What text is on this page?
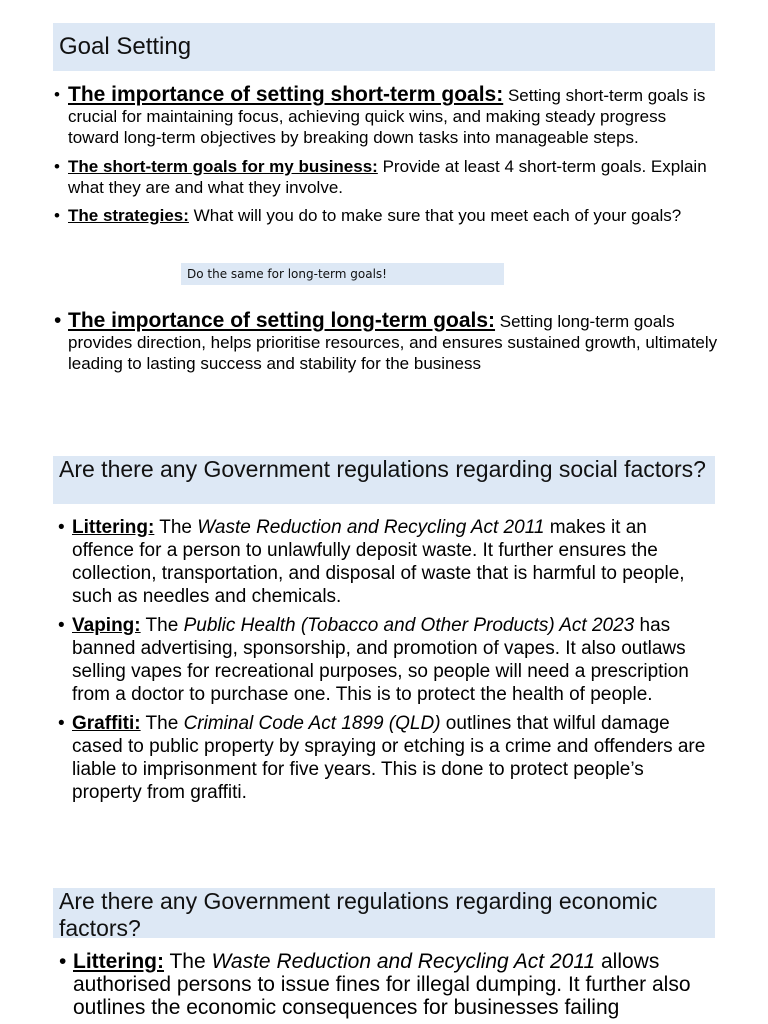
Goal Setting
• The importance of setting short-term goals: Setting short-term goals is crucial for maintaining focus, achieving quick wins, and making steady progress toward long-term objectives by breaking down tasks into manageable steps.
• The short-term goals for my business: Provide at least 4 short-term goals. Explain what they are and what they involve.
• The strategies: What will you do to make sure that you meet each of your goals?
Do the same for long-term goals!
• The importance of setting long-term goals: Setting long-term goals provides direction, helps prioritise resources, and ensures sustained growth, ultimately leading to lasting success and stability for the business
Are there any Government regulations regarding social factors?
• Littering: The Waste Reduction and Recycling Act 2011 makes it an offence for a person to unlawfully deposit waste. It further ensures the collection, transportation, and disposal of waste that is harmful to people, such as needles and chemicals.
• Vaping: The Public Health (Tobacco and Other Products) Act 2023 has banned advertising, sponsorship, and promotion of vapes. It also outlaws selling vapes for recreational purposes, so people will need a prescription from a doctor to purchase one. This is to protect the health of people.
• Graffiti: The Criminal Code Act 1899 (QLD) outlines that wilful damage cased to public property by spraying or etching is a crime and offenders are liable to imprisonment for five years. This is done to protect people’s property from graffiti.
Are there any Government regulations regarding economic factors?
• Littering: The Waste Reduction and Recycling Act 2011 allows authorised persons to issue fines for illegal dumping. It further also outlines the economic consequences for businesses failing
